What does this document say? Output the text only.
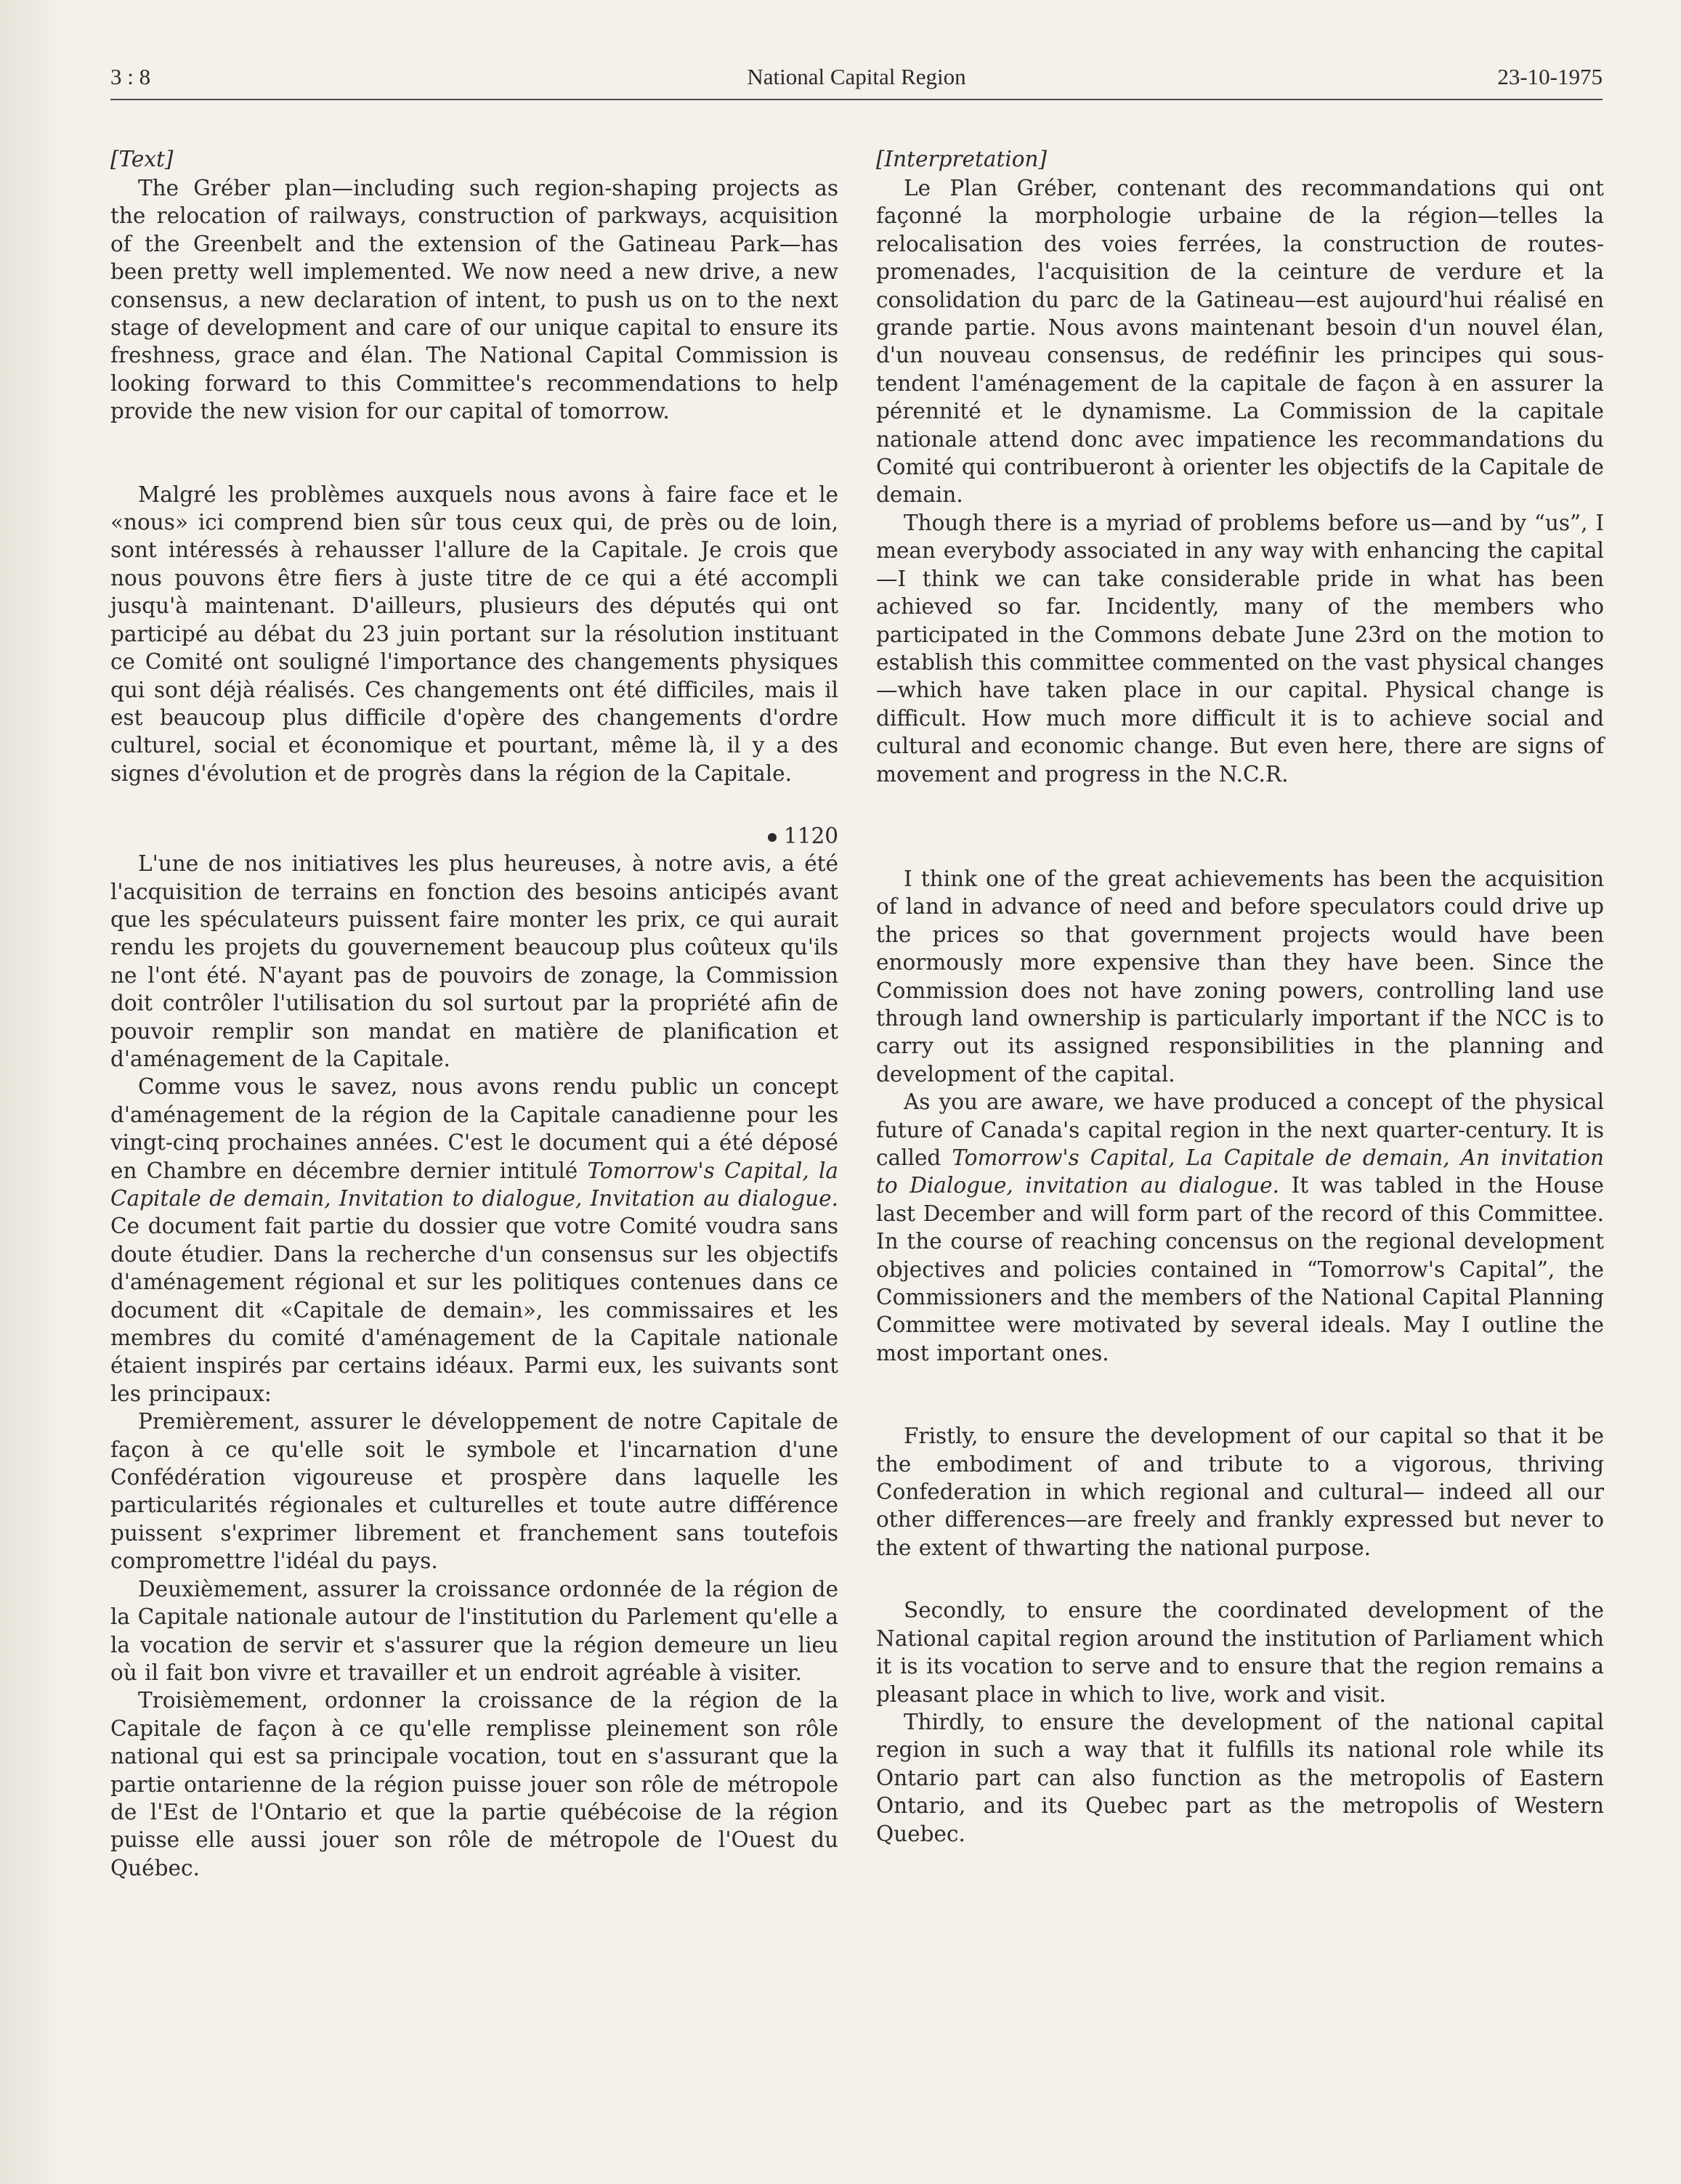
3 : 8	National Capital Region	23-10-1975

[Text]

The Gréber plan—including such region-shaping projects as the relocation of railways, construction of parkways, acquisition of the Greenbelt and the extension of the Gatineau Park—has been pretty well implemented. We now need a new drive, a new consensus, a new declaration of intent, to push us on to the next stage of development and care of our unique capital to ensure its freshness, grace and élan. The National Capital Commission is looking forward to this Committee's recommendations to help provide the new vision for our capital of tomorrow.

Malgré les problèmes auxquels nous avons à faire face et le «nous» ici comprend bien sûr tous ceux qui, de près ou de loin, sont intéressés à rehausser l'allure de la Capitale. Je crois que nous pouvons être fiers à juste titre de ce qui a été accompli jusqu'à maintenant. D'ailleurs, plusieurs des députés qui ont participé au débat du 23 juin portant sur la résolution instituant ce Comité ont souligné l'importance des changements physiques qui sont déjà réalisés. Ces changements ont été difficiles, mais il est beaucoup plus difficile d'opère des changements d'ordre culturel, social et économique et pourtant, même là, il y a des signes d'évolution et de progrès dans la région de la Capitale.

1120

L'une de nos initiatives les plus heureuses, à notre avis, a été l'acquisition de terrains en fonction des besoins anticipés avant que les spéculateurs puissent faire monter les prix, ce qui aurait rendu les projets du gouvernement beaucoup plus coûteux qu'ils ne l'ont été. N'ayant pas de pouvoirs de zonage, la Commission doit contrôler l'utilisation du sol surtout par la propriété afin de pouvoir remplir son mandat en matière de planification et d'aménagement de la Capitale.

Comme vous le savez, nous avons rendu public un concept d'aménagement de la région de la Capitale canadienne pour les vingt-cinq prochaines années. C'est le document qui a été déposé en Chambre en décembre dernier intitulé Tomorrow's Capital, la Capitale de demain, Invitation to dialogue, Invitation au dialogue. Ce document fait partie du dossier que votre Comité voudra sans doute étudier. Dans la recherche d'un consensus sur les objectifs d'aménagement régional et sur les politiques contenues dans ce document dit «Capitale de demain», les commissaires et les membres du comité d'aménagement de la Capitale nationale étaient inspirés par certains idéaux. Parmi eux, les suivants sont les principaux:

Premièrement, assurer le développement de notre Capitale de façon à ce qu'elle soit le symbole et l'incarnation d'une Confédération vigoureuse et prospère dans laquelle les particularités régionales et culturelles et toute autre différence puissent s'exprimer librement et franchement sans toutefois compromettre l'idéal du pays.

Deuxièmement, assurer la croissance ordonnée de la région de la Capitale nationale autour de l'institution du Parlement qu'elle a la vocation de servir et s'assurer que la région demeure un lieu où il fait bon vivre et travailler et un endroit agréable à visiter.

Troisièmement, ordonner la croissance de la région de la Capitale de façon à ce qu'elle remplisse pleinement son rôle national qui est sa principale vocation, tout en s'assurant que la partie ontarienne de la région puisse jouer son rôle de métropole de l'Est de l'Ontario et que la partie québécoise de la région puisse elle aussi jouer son rôle de métropole de l'Ouest du Québec.

[Interpretation]

Le Plan Gréber, contenant des recommandations qui ont façonné la morphologie urbaine de la région—telles la relocalisation des voies ferrées, la construction de routes-promenades, l'acquisition de la ceinture de verdure et la consolidation du parc de la Gatineau—est aujourd'hui réalisé en grande partie. Nous avons maintenant besoin d'un nouvel élan, d'un nouveau consensus, de redéfinir les principes qui sous-tendent l'aménagement de la capitale de façon à en assurer la pérennité et le dynamisme. La Commission de la capitale nationale attend donc avec impatience les recommandations du Comité qui contribueront à orienter les objectifs de la Capitale de demain.

Though there is a myriad of problems before us—and by “us”, I mean everybody associated in any way with enhancing the capital—I think we can take considerable pride in what has been achieved so far. Incidently, many of the members who participated in the Commons debate June 23rd on the motion to establish this committee commented on the vast physical changes—which have taken place in our capital. Physical change is difficult. How much more difficult it is to achieve social and cultural and economic change. But even here, there are signs of movement and progress in the N.C.R.

I think one of the great achievements has been the acquisition of land in advance of need and before speculators could drive up the prices so that government projects would have been enormously more expensive than they have been. Since the Commission does not have zoning powers, controlling land use through land ownership is particularly important if the NCC is to carry out its assigned responsibilities in the planning and development of the capital.

As you are aware, we have produced a concept of the physical future of Canada's capital region in the next quarter-century. It is called Tomorrow's Capital, La Capitale de demain, An invitation to Dialogue, invitation au dialogue. It was tabled in the House last December and will form part of the record of this Committee. In the course of reaching concensus on the regional development objectives and policies contained in “Tomorrow's Capital”, the Commissioners and the members of the National Capital Planning Committee were motivated by several ideals. May I outline the most important ones.

Fristly, to ensure the development of our capital so that it be the embodiment of and tribute to a vigorous, thriving Confederation in which regional and cultural— indeed all our other differences—are freely and frankly expressed but never to the extent of thwarting the national purpose.

Secondly, to ensure the coordinated development of the National capital region around the institution of Parliament which it is its vocation to serve and to ensure that the region remains a pleasant place in which to live, work and visit.

Thirdly, to ensure the development of the national capital region in such a way that it fulfills its national role while its Ontario part can also function as the metropolis of Eastern Ontario, and its Quebec part as the metropolis of Western Quebec.
